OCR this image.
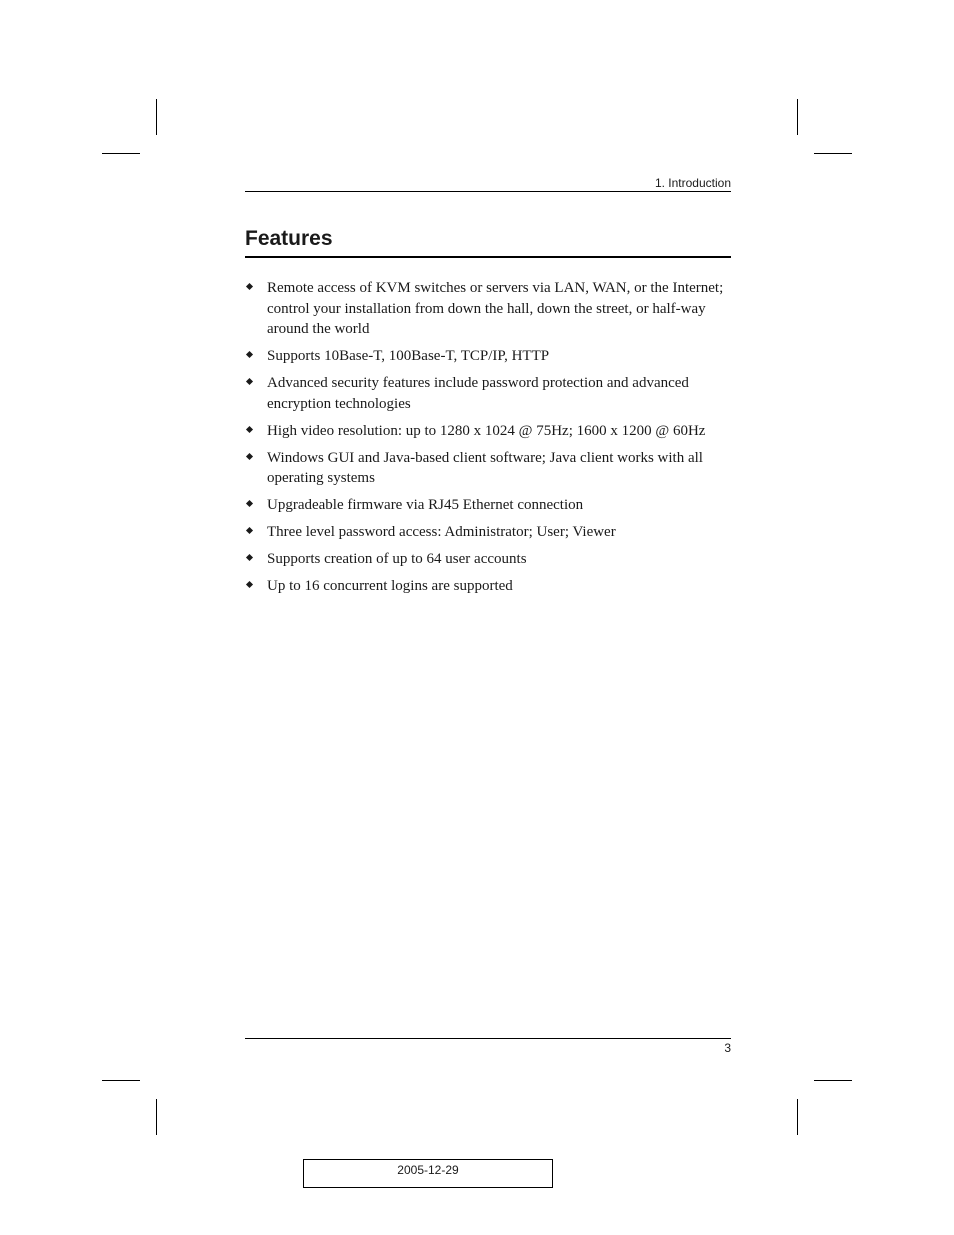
1. Introduction
Features
Remote access of KVM switches or servers via LAN, WAN, or the Internet; control your installation from down the hall, down the street, or half-way around the world
Supports 10Base-T, 100Base-T, TCP/IP, HTTP
Advanced security features include password protection and advanced encryption technologies
High video resolution: up to 1280 x 1024 @ 75Hz; 1600 x 1200 @ 60Hz
Windows GUI and Java-based client software; Java client works with all operating systems
Upgradeable firmware via RJ45 Ethernet connection
Three level password access: Administrator; User; Viewer
Supports creation of up to 64 user accounts
Up to 16 concurrent logins are supported
3
2005-12-29
